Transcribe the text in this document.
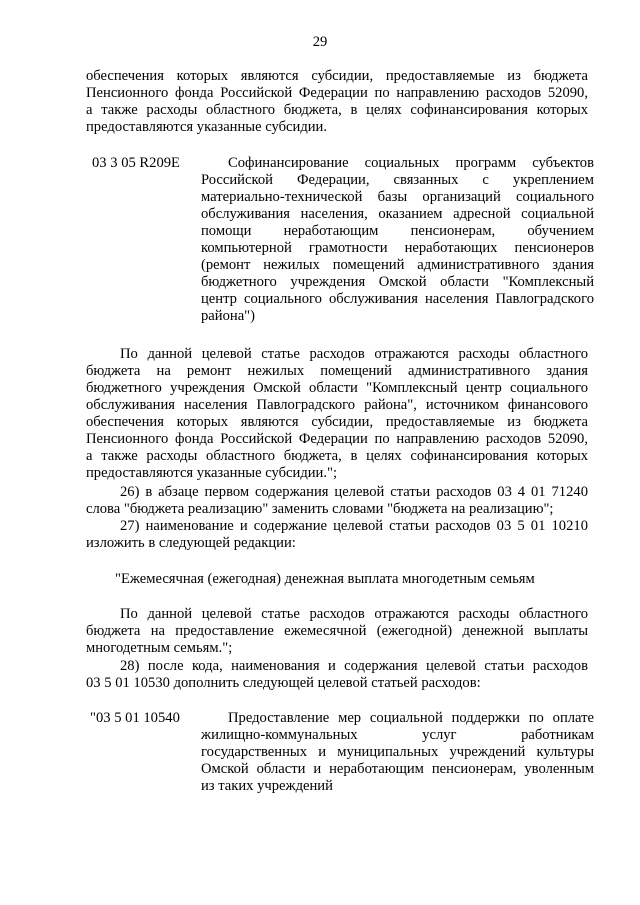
29
обеспечения которых являются субсидии, предоставляемые из бюджета
Пенсионного фонда Российской Федерации по направлению расходов 52090,
а также расходы областного бюджета, в целях софинансирования которых
предоставляются указанные субсидии.
03 3 05 R209E	Софинансирование социальных программ субъектов
Российской Федерации, связанных с укреплением
материально-технической базы организаций социального
обслуживания населения, оказанием адресной социальной
помощи неработающим пенсионерам, обучением
компьютерной грамотности неработающих пенсионеров
(ремонт нежилых помещений административного здания
бюджетного учреждения Омской области "Комплексный
центр социального обслуживания населения Павлоградского
района")
По данной целевой статье расходов отражаются расходы областного
бюджета на ремонт нежилых помещений административного здания
бюджетного учреждения Омской области "Комплексный центр социального
обслуживания населения Павлоградского района", источником финансового
обеспечения которых являются субсидии, предоставляемые из бюджета
Пенсионного фонда Российской Федерации по направлению расходов 52090,
а также расходы областного бюджета, в целях софинансирования которых
предоставляются указанные субсидии.";
26) в абзаце первом содержания целевой статьи расходов 03 4 01 71240
слова "бюджета реализацию" заменить словами "бюджета на реализацию";
27) наименование и содержание целевой статьи расходов 03 5 01 10210
изложить в следующей редакции:
"Ежемесячная (ежегодная) денежная выплата многодетным семьям
По данной целевой статье расходов отражаются расходы областного
бюджета на предоставление ежемесячной (ежегодной) денежной выплаты
многодетным семьям.";
28) после кода, наименования и содержания целевой статьи расходов
03 5 01 10530 дополнить следующей целевой статьей расходов:
"03 5 01 10540	Предоставление мер социальной поддержки по оплате
жилищно-коммунальных услуг работникам
государственных и муниципальных учреждений культуры
Омской области и неработающим пенсионерам, уволенным
из таких учреждений
